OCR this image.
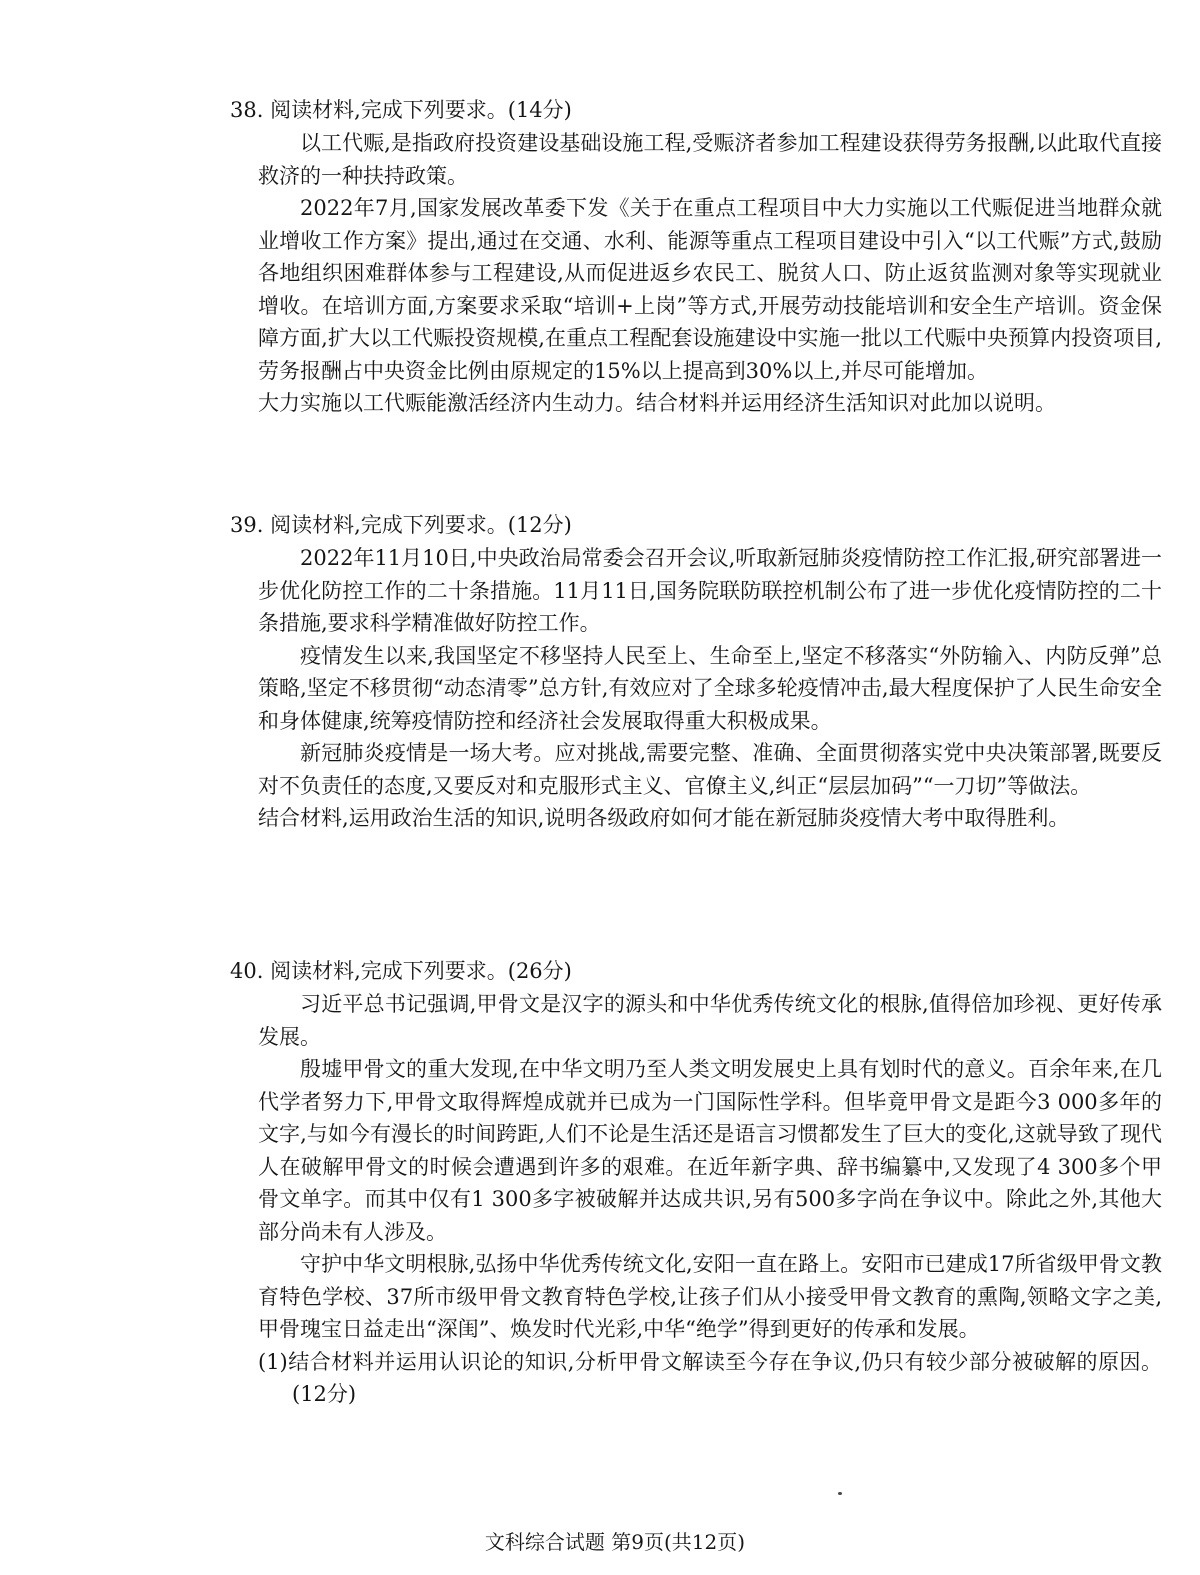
38. 阅读材料,完成下列要求。(14分)

以工代赈,是指政府投资建设基础设施工程,受赈济者参加工程建设获得劳务报酬,以此取代直接救济的一种扶持政策。

2022年7月,国家发展改革委下发《关于在重点工程项目中大力实施以工代赈促进当地群众就业增收工作方案》提出,通过在交通、水利、能源等重点工程项目建设中引入“以工代赈”方式,鼓励各地组织困难群体参与工程建设,从而促进返乡农民工、脱贫人口、防止返贫监测对象等实现就业增收。在培训方面,方案要求采取“培训+上岗”等方式,开展劳动技能培训和安全生产培训。资金保障方面,扩大以工代赈投资规模,在重点工程配套设施建设中实施一批以工代赈中央预算内投资项目,劳务报酬占中央资金比例由原规定的15%以上提高到30%以上,并尽可能增加。

大力实施以工代赈能激活经济内生动力。结合材料并运用经济生活知识对此加以说明。

39. 阅读材料,完成下列要求。(12分)

2022年11月10日,中央政治局常委会召开会议,听取新冠肺炎疫情防控工作汇报,研究部署进一步优化防控工作的二十条措施。11月11日,国务院联防联控机制公布了进一步优化疫情防控的二十条措施,要求科学精准做好防控工作。

疫情发生以来,我国坚定不移坚持人民至上、生命至上,坚定不移落实“外防输入、内防反弹”总策略,坚定不移贯彻“动态清零”总方针,有效应对了全球多轮疫情冲击,最大程度保护了人民生命安全和身体健康,统筹疫情防控和经济社会发展取得重大积极成果。

新冠肺炎疫情是一场大考。应对挑战,需要完整、准确、全面贯彻落实党中央决策部署,既要反对不负责任的态度,又要反对和克服形式主义、官僚主义,纠正“层层加码”“一刀切”等做法。

结合材料,运用政治生活的知识,说明各级政府如何才能在新冠肺炎疫情大考中取得胜利。

40. 阅读材料,完成下列要求。(26分)

习近平总书记强调,甲骨文是汉字的源头和中华优秀传统文化的根脉,值得倍加珍视、更好传承发展。

殷墟甲骨文的重大发现,在中华文明乃至人类文明发展史上具有划时代的意义。百余年来,在几代学者努力下,甲骨文取得辉煌成就并已成为一门国际性学科。但毕竟甲骨文是距今3 000多年的文字,与如今有漫长的时间跨距,人们不论是生活还是语言习惯都发生了巨大的变化,这就导致了现代人在破解甲骨文的时候会遭遇到许多的艰难。在近年新字典、辞书编纂中,又发现了4 300多个甲骨文单字。而其中仅有1 300多字被破解并达成共识,另有500多字尚在争议中。除此之外,其他大部分尚未有人涉及。

守护中华文明根脉,弘扬中华优秀传统文化,安阳一直在路上。安阳市已建成17所省级甲骨文教育特色学校、37所市级甲骨文教育特色学校,让孩子们从小接受甲骨文教育的熏陶,领略文字之美,甲骨瑰宝日益走出“深闺”、焕发时代光彩,中华“绝学”得到更好的传承和发展。

(1)结合材料并运用认识论的知识,分析甲骨文解读至今存在争议,仍只有较少部分被破解的原因。(12分)

文科综合试题 第9页(共12页)
